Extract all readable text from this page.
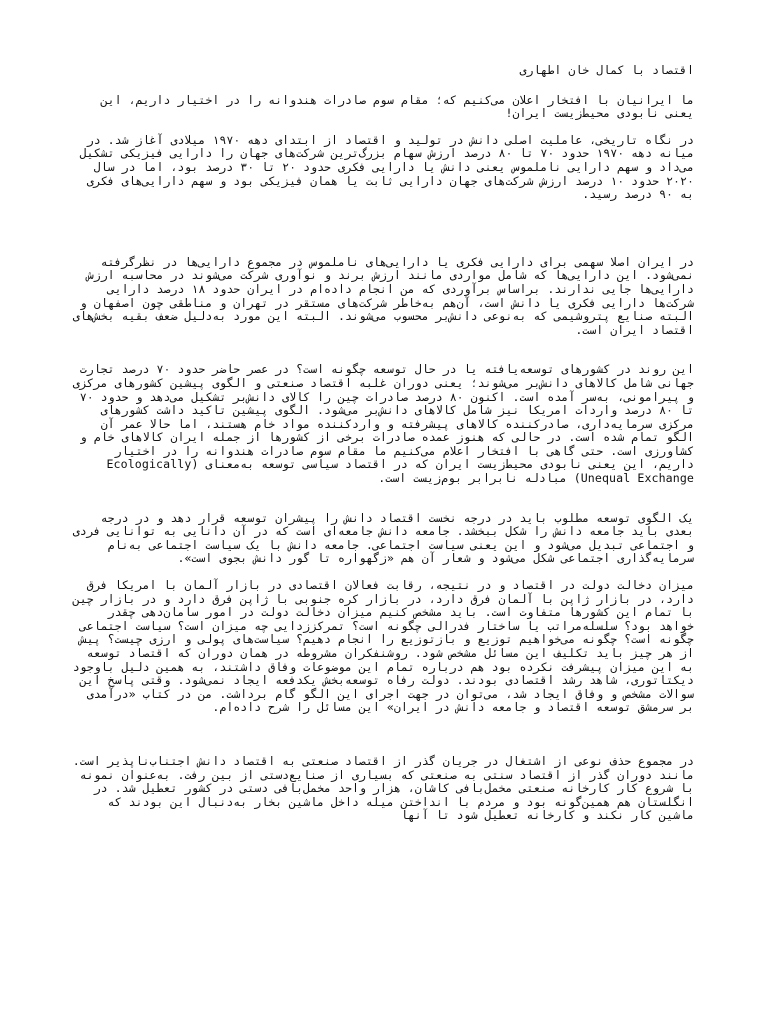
اقتصاد با کمال خان اطهاری

ما ایرانیان با افتخار اعلان می‌کنیم که؛ مقام سوم صادرات هندوانه را در اختیار داریم، این یعنی نابودی محیط‌زیست ایران!

در نگاه تاریخی، عاملیت اصلی دانش در تولید و اقتصاد از ابتدای دهه ۱۹۷۰ میلادی آغاز شد. در میانه دهه ۱۹۷۰ حدود ۷۰ تا ۸۰ درصد ارزش سهام بزرگ‌ترین شرکت‌های جهان را دارایی فیزیکی تشکیل می‌داد و سهم دارایی ناملموس یعنی دانش یا دارایی فکری حدود ۲۰ تا ۳۰ درصد بود، اما در سال ۲۰۲۰ حدود ۱۰ درصد ارزش شرکت‌های جهان دارایی ثابت یا همان فیزیکی بود و سهم دارایی‌های فکری به ۹۰ درصد رسید.

در ایران اصلا سهمی برای دارایی فکری یا دارایی‌های ناملموس در مجموع دارایی‌ها در نظرگرفته نمی‌شود. این دارایی‌ها که شامل مواردی مانند ارزش برند و نوآوری شرکت می‌شوند در محاسبه ارزش دارایی‌ها جایی ندارند. براساس برآوردی که من انجام داده‌ام در ایران حدود ۱۸ درصد دارایی شرکت‌ها دارایی فکری یا دانش است، آن‌هم به‌خاطر شرکت‌های مستقر در تهران و مناطقی چون اصفهان و البته صنایع پتروشیمی که به‌نوعی دانش‌بر محسوب می‌شوند. البته این مورد به‌دلیل ضعف بقیه بخش‌های اقتصاد ایران است.

این روند در کشورهای توسعه‌یافته یا در حال توسعه چگونه است؟ در عصر حاضر حدود ۷۰ درصد تجارت جهانی شامل کالاهای دانش‌بر می‌شوند؛ یعنی دوران غلبه اقتصاد صنعتی و الگوی پیشین کشورهای مرکزی و پیرامونی، به‌سر آمده است. اکنون ۸۰ درصد صادرات چین را کالای دانش‌بر تشکیل می‌دهد و حدود ۷۰ تا ۸۰ درصد واردات امریکا نیز شامل کالاهای دانش‌بر می‌شود. الگوی پیشین تاکید داشت کشورهای مرکزی سرمایه‌داری، صادرکننده کالاهای پیشرفته و واردکننده مواد خام هستند، اما حالا عمر آن الگو تمام شده است. در حالی که هنوز عمده صادرات برخی از کشورها از جمله ایران کالاهای خام و کشاورزی است. حتی گاهی با افتخار اعلام می‌کنیم ما مقام سوم صادرات هندوانه را در اختیار داریم، این یعنی نابودی محیط‌زیست ایران که در اقتصاد سیاسی توسعه به‌معنای (Ecologically Unequal Exchange) مبادله نابرابر بوم‌زیست است.

یک الگوی توسعه مطلوب باید در درجه نخست اقتصاد دانش را پیشران توسعه قرار دهد و در درجه بعدی باید جامعه دانش را شکل ببخشد. جامعه دانش جامعه‌ای است که در آن دانایی به توانایی فردی و اجتماعی تبدیل می‌شود و این یعنی سیاست اجتماعی. جامعه دانش با یک سیاست اجتماعی به‌نام سرمایه‌گذاری اجتماعی شکل می‌شود و شعار آن هم «زگهواره تا گور دانش بجوی است».

میزان دخالت دولت در اقتصاد و در نتیجه، رقابت فعالان اقتصادی در بازار آلمان با امریکا فرق دارد، در بازار ژاپن با آلمان فرق دارد، در بازار کره جنوبی با ژاپن فرق دارد و در بازار چین با تمام این کشورها متفاوت است. باید مشخص کنیم میزان دخالت دولت در امور سامان‌دهی چقدر خواهد بود؟ سلسله‌مراتب یا ساختار فدرالی چگونه است؟ تمرکززدایی چه میزان است؟ سیاست اجتماعی چگونه است؟ چگونه می‌خواهیم توزیع و بازتوزیع را انجام دهیم؟ سیاست‌های پولی و ارزی چیست؟ پیش از هر چیز باید تکلیف این مسائل مشخص شود. روشنفکران مشروطه در همان دوران که اقتصاد توسعه به این میزان پیشرفت نکرده بود هم درباره تمام این موضوعات وفاق داشتند، به همین دلیل باوجود دیکتاتوری، شاهد رشد اقتصادی بودند. دولت رفاه توسعه‌بخش یکدفعه ایجاد نمی‌شود. وقتی پاسخ این سوالات مشخص و وفاق ایجاد شد، می‌توان در جهت اجرای این الگو گام برداشت. من در کتاب «درآمدی بر سرمشق توسعه اقتصاد و جامعه دانش در ایران» این مسائل را شرح داده‌ام.

در مجموع حذف نوعی از اشتغال در جریان گذر از اقتصاد صنعتی به اقتصاد دانش اجتناب‌ناپذیر است. مانند دوران گذر از اقتصاد سنتی به صنعتی که بسیاری از صنایع‌دستی از بین رفت. به‌عنوان نمونه با شروع کار کارخانه صنعتی مخمل‌بافی کاشان، هزار واحد مخمل‌بافی دستی در کشور تعطیل شد. در انگلستان هم همین‌گونه بود و مردم با انداختن میله داخل ماشین بخار به‌دنبال این بودند که ماشین کار نکند و کارخانه تعطیل شود تا آنها
